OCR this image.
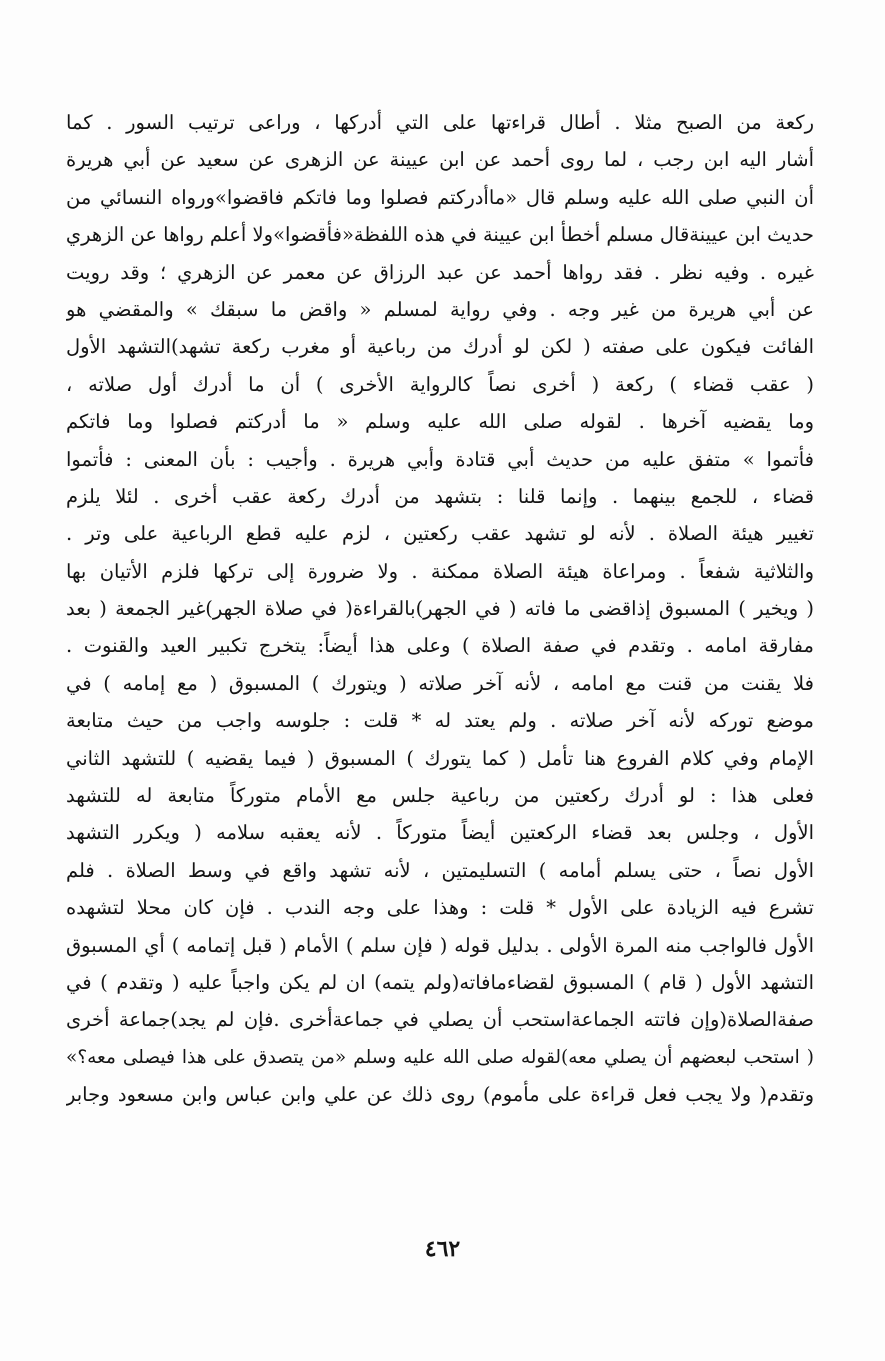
ركعة من الصبح مثلا . أطال قراءتها على التي أدركها ، وراعى ترتيب السور . كما
أشار اليه ابن رجب ، لما روى أحمد عن ابن عيينة عن الزهرى عن سعيد عن أبي هريرة
أن النبي صلى الله عليه وسلم قال «ماأدركتم فصلوا وما فاتكم فاقضوا»ورواه النسائي من
حديث ابن عيينةقال مسلم أخطأ ابن عيينة في هذه اللفظة«فأقضوا»ولا أعلم رواها عن الزهري
غيره . وفيه نظر . فقد رواها أحمد عن عبد الرزاق عن معمر عن الزهري ؛ وقد رويت
عن أبي هريرة من غير وجه . وفي رواية لمسلم « واقض ما سبقك » والمقضي هو
الفائت فيكون على صفته ( لكن لو أدرك من رباعية أو مغرب ركعة تشهد)التشهد الأول
( عقب قضاء ) ركعة ( أخرى نصاً كالرواية الأخرى ) أن ما أدرك أول صلاته ،
وما يقضيه آخرها . لقوله صلى الله عليه وسلم « ما أدركتم فصلوا وما فاتكم
فأتموا » متفق عليه من حديث أبي قتادة وأبي هريرة . وأجيب : بأن المعنى : فأتموا
قضاء ، للجمع بينهما . وإنما قلنا : بتشهد من أدرك ركعة عقب أخرى . لئلا يلزم
تغيير هيئة الصلاة . لأنه لو تشهد عقب ركعتين ، لزم عليه قطع الرباعية على وتر .
والثلاثية شفعاً . ومراعاة هيئة الصلاة ممكنة . ولا ضرورة إلى تركها فلزم الأتيان بها
( ويخير ) المسبوق إذاقضى ما فاته ( في الجهر)بالقراءة( في صلاة الجهر)غير الجمعة ( بعد
مفارقة امامه . وتقدم في صفة الصلاة ) وعلى هذا أيضاً: يتخرج تكبير العيد والقنوت .
فلا يقنت من قنت مع امامه ، لأنه آخر صلاته ( ويتورك ) المسبوق ( مع إمامه ) في
موضع توركه لأنه آخر صلاته . ولم يعتد له * قلت : جلوسه واجب من حيث متابعة
الإمام وفي كلام الفروع هنا تأمل ( كما يتورك ) المسبوق ( فيما يقضيه ) للتشهد الثاني
فعلى هذا : لو أدرك ركعتين من رباعية جلس مع الأمام متوركاً متابعة له للتشهد
الأول ، وجلس بعد قضاء الركعتين أيضاً متوركاً . لأنه يعقبه سلامه ( ويكرر التشهد
الأول نصاً ، حتى يسلم أمامه ) التسليمتين ، لأنه تشهد واقع في وسط الصلاة . فلم
تشرع فيه الزيادة على الأول * قلت : وهذا على وجه الندب . فإن كان محلا لتشهده
الأول فالواجب منه المرة الأولى . بدليل قوله ( فإن سلم ) الأمام ( قبل إتمامه ) أي المسبوق
التشهد الأول ( قام ) المسبوق لقضاءمافاته(ولم يتمه) ان لم يكن واجباً عليه ( وتقدم ) في
صفةالصلاة(وإن فاتته الجماعةاستحب أن يصلي في جماعةأخرى .فإن لم يجد)جماعة أخرى
( استحب لبعضهم أن يصلي معه)لقوله صلى الله عليه وسلم «من يتصدق على هذا فيصلى معه؟»
وتقدم( ولا يجب فعل قراءة على مأموم) روى ذلك عن علي وابن عباس وابن مسعود وجابر
٤٦٢
